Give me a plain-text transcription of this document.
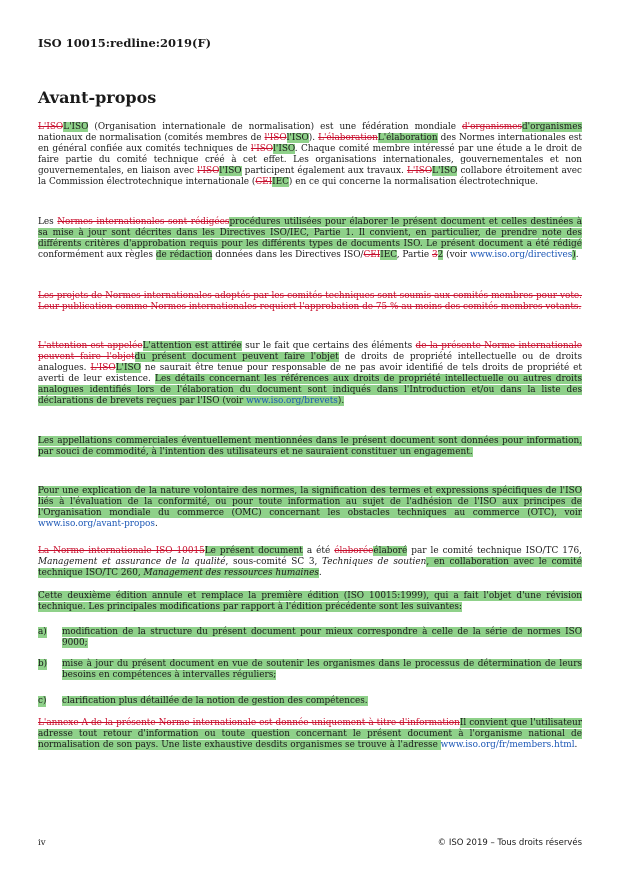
ISO 10015:redline:2019(F)
Avant-propos
L'ISOL'ISO (Organisation internationale de normalisation) est une fédération mondiale d'organismesd'organismes nationaux de normalisation (comités membres de l'ISOl'ISO). L'élaborationL'élaboration des Normes internationales est en général confiée aux comités techniques de l'ISOl'ISO. Chaque comité membre intéressé par une étude a le droit de faire partie du comité technique créé à cet effet. Les organisations internationales, gouvernementales et non gouvernementales, en liaison avec l'ISOl'ISO participent également aux travaux. L'ISOL'ISO collabore étroitement avec la Commission électrotechnique internationale (CEIIEC) en ce qui concerne la normalisation électrotechnique.
Les Normes internationales sont rédigéesprocédures utilisées pour élaborer le présent document et celles destinées à sa mise à jour sont décrites dans les Directives ISO/IEC, Partie 1. Il convient, en particulier, de prendre note des différents critères d'approbation requis pour les différents types de documents ISO. Le présent document a été rédigé conformément aux règles de rédaction données dans les Directives ISO/CEIIEC, Partie 32 (voir www.iso.org/directives).
Les projets de Normes internationales adoptés par les comités techniques sont soumis aux comités membres pour vote. Leur publication comme Normes internationales requiert l'approbation de 75 % au moins des comités membres votants.
L'attention est appeléeL'attention est attirée sur le fait que certains des éléments de la présente Norme internationale peuvent faire l'objetdu présent document peuvent faire l'objet de droits de propriété intellectuelle ou de droits analogues. L'ISOL'ISO ne saurait être tenue pour responsable de ne pas avoir identifié de tels droits de propriété et averti de leur existence. Les détails concernant les références aux droits de propriété intellectuelle ou autres droits analogues identifiés lors de l'élaboration du document sont indiqués dans l'Introduction et/ou dans la liste des déclarations de brevets reçues par l'ISO (voir www.iso.org/brevets).
Les appellations commerciales éventuellement mentionnées dans le présent document sont données pour information, par souci de commodité, à l'intention des utilisateurs et ne sauraient constituer un engagement.
Pour une explication de la nature volontaire des normes, la signification des termes et expressions spécifiques de l'ISO liés à l'évaluation de la conformité, ou pour toute information au sujet de l'adhésion de l'ISO aux principes de l'Organisation mondiale du commerce (OMC) concernant les obstacles techniques au commerce (OTC), voir www.iso.org/avant-propos.
La Norme internationale ISO 10015Le présent document a été élaboréeélaboré par le comité technique ISO/TC 176, Management et assurance de la qualité, sous-comité SC 3, Techniques de soutien, en collaboration avec le comité technique ISO/TC 260, Management des ressources humaines.
Cette deuxième édition annule et remplace la première édition (ISO 10015:1999), qui a fait l'objet d'une révision technique. Les principales modifications par rapport à l'édition précédente sont les suivantes:
a) modification de la structure du présent document pour mieux correspondre à celle de la série de normes ISO 9000;
b) mise à jour du présent document en vue de soutenir les organismes dans le processus de détermination de leurs besoins en compétences à intervalles réguliers;
c) clarification plus détaillée de la notion de gestion des compétences.
L'annexe A de la présente Norme internationale est donnée uniquement à titre d'informationIl convient que l'utilisateur adresse tout retour d'information ou toute question concernant le présent document à l'organisme national de normalisation de son pays. Une liste exhaustive desdits organismes se trouve à l'adresse www.iso.org/fr/members.html.
iv	© ISO 2019 – Tous droits réservés
